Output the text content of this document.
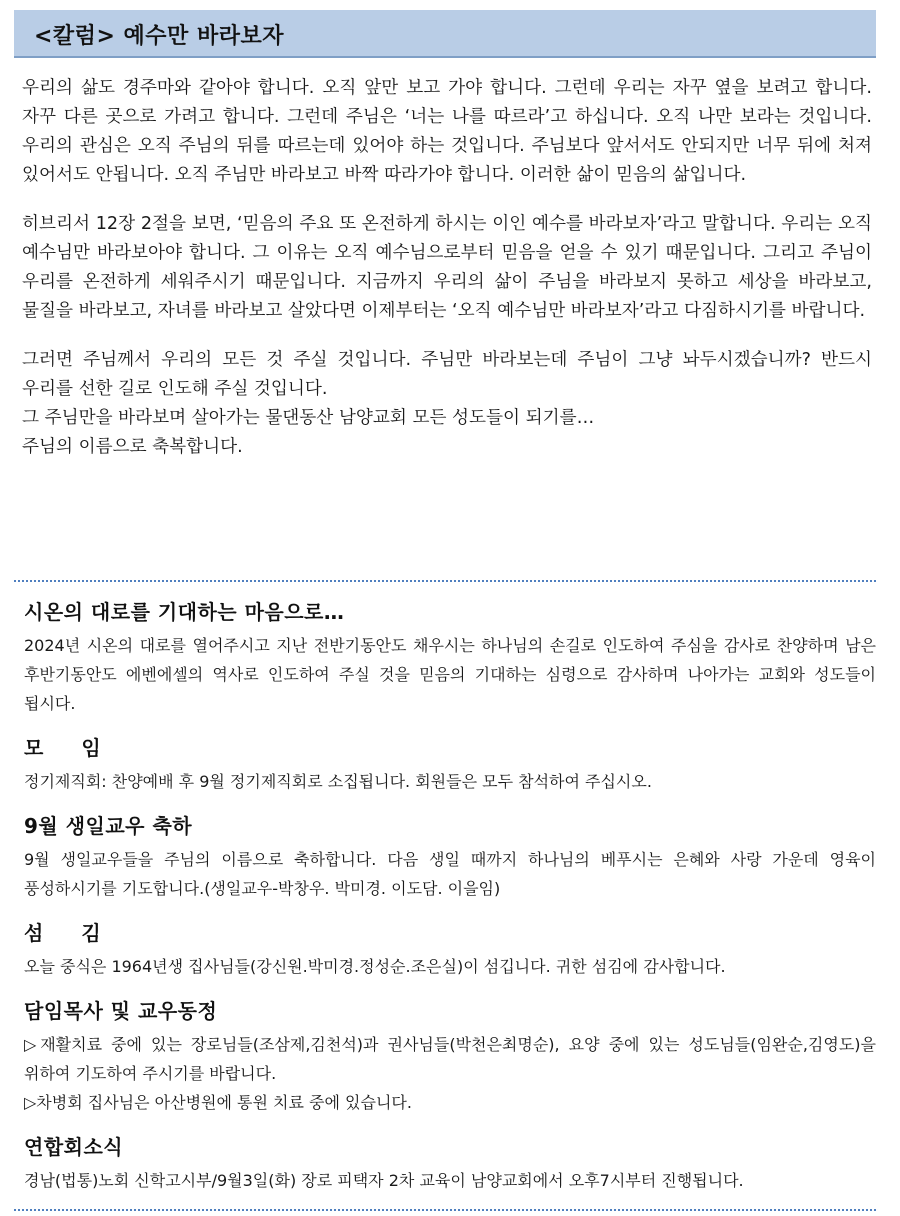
<칼럼> 예수만 바라보자

우리의 삶도 경주마와 같아야 합니다. 오직 앞만 보고 가야 합니다. 그런데 우리는 자꾸 옆을 보려고 합니다. 자꾸 다른 곳으로 가려고 합니다. 그런데 주님은 ‘너는 나를 따르라’고 하십니다. 오직 나만 보라는 것입니다. 우리의 관심은 오직 주님의 뒤를 따르는데 있어야 하는 것입니다. 주님보다 앞서서도 안되지만 너무 뒤에 처져 있어서도 안됩니다. 오직 주님만 바라보고 바짝 따라가야 합니다. 이러한 삶이 믿음의 삶입니다.

히브리서 12장 2절을 보면, ‘믿음의 주요 또 온전하게 하시는 이인 예수를 바라보자’라고 말합니다. 우리는 오직 예수님만 바라보아야 합니다. 그 이유는 오직 예수님으로부터 믿음을 얻을 수 있기 때문입니다. 그리고 주님이 우리를 온전하게 세워주시기 때문입니다. 지금까지 우리의 삶이 주님을 바라보지 못하고 세상을 바라보고, 물질을 바라보고, 자녀를 바라보고 살았다면 이제부터는 ‘오직 예수님만 바라보자’라고 다짐하시기를 바랍니다.

그러면 주님께서 우리의 모든 것 주실 것입니다. 주님만 바라보는데 주님이 그냥 놔두시겠습니까? 반드시 우리를 선한 길로 인도해 주실 것입니다.

그 주님만을 바라보며 살아가는 물댄동산 남양교회 모든 성도들이 되기를…

주님의 이름으로 축복합니다.

시온의 대로를 기대하는 마음으로…

2024년 시온의 대로를 열어주시고 지난 전반기동안도 채우시는 하나님의 손길로 인도하여 주심을 감사로 찬양하며 남은 후반기동안도 에벤에셀의 역사로 인도하여 주실 것을 믿음의 기대하는 심령으로 감사하며 나아가는 교회와 성도들이 됩시다.

모임

정기제직회: 찬양예배 후 9월 정기제직회로 소집됩니다. 회원들은 모두 참석하여 주십시오.

9월 생일교우 축하

9월 생일교우들을 주님의 이름으로 축하합니다. 다음 생일 때까지 하나님의 베푸시는 은혜와 사랑 가운데 영육이 풍성하시기를 기도합니다.(생일교우-박창우. 박미경. 이도담. 이을임)

섬김

오늘 중식은 1964년생 집사님들(강신원.박미경.정성순.조은실)이 섬깁니다. 귀한 섬김에 감사합니다.

담임목사 및 교우동정

▷재활치료 중에 있는 장로님들(조삼제,김천석)과 권사님들(박천은최명순), 요양 중에 있는 성도님들(임완순,김영도)을 위하여 기도하여 주시기를 바랍니다.

▷차병회 집사님은 아산병원에 통원 치료 중에 있습니다.

연합회소식

경남(법통)노회 신학고시부/9월3일(화) 장로 피택자 2차 교육이 남양교회에서 오후7시부터 진행됩니다.
